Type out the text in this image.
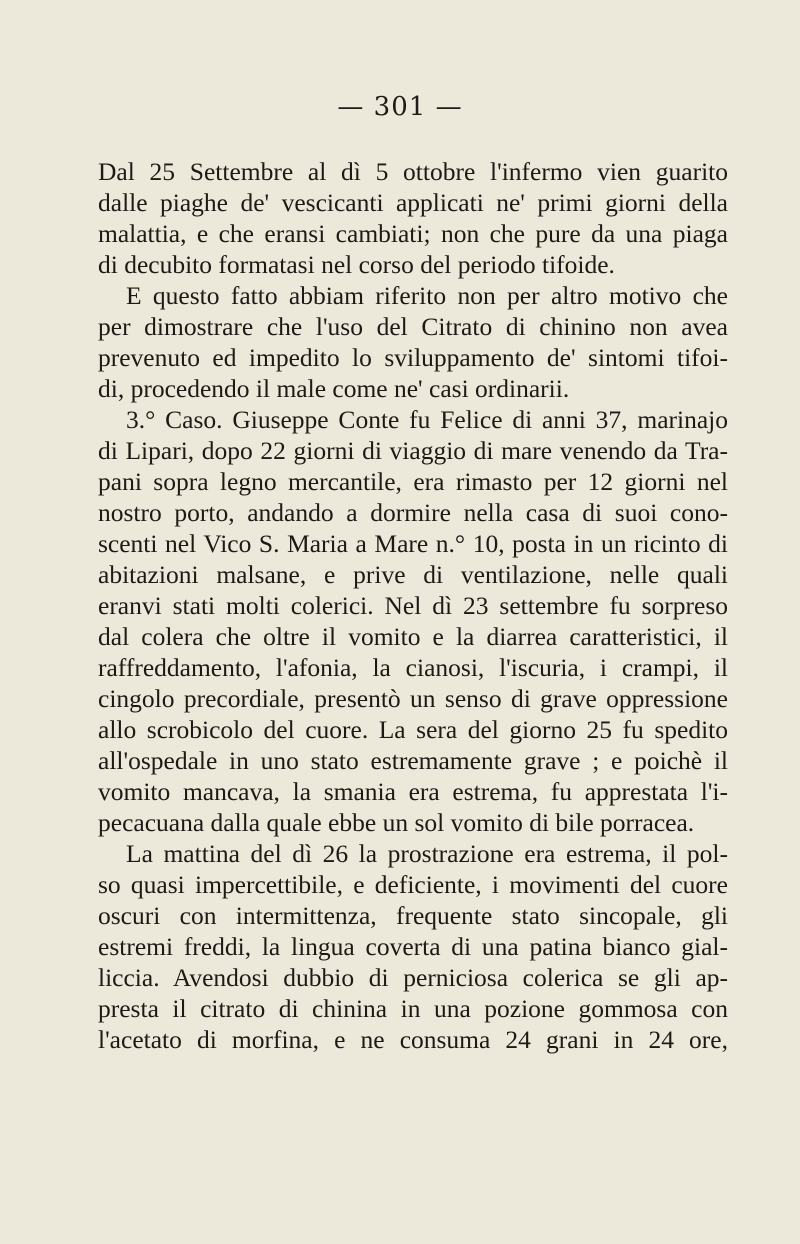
— 301 —
Dal 25 Settembre al dì 5 ottobre l'infermo vien guarito
dalle piaghe de' vescicanti applicati ne' primi giorni della
malattia, e che eransi cambiati; non che pure da una piaga
di decubito formatasi nel corso del periodo tifoide.
E questo fatto abbiam riferito non per altro motivo che
per dimostrare che l'uso del Citrato di chinino non avea
prevenuto ed impedito lo sviluppamento de' sintomi tifoi-
di, procedendo il male come ne' casi ordinarii.
3.° Caso. Giuseppe Conte fu Felice di anni 37, marinajo
di Lipari, dopo 22 giorni di viaggio di mare venendo da Tra-
pani sopra legno mercantile, era rimasto per 12 giorni nel
nostro porto, andando a dormire nella casa di suoi cono-
scenti nel Vico S. Maria a Mare n.° 10, posta in un ricinto di
abitazioni malsane, e prive di ventilazione, nelle quali
eranvi stati molti colerici. Nel dì 23 settembre fu sorpreso
dal colera che oltre il vomito e la diarrea caratteristici, il
raffreddamento, l'afonia, la cianosi, l'iscuria, i crampi, il
cingolo precordiale, presentò un senso di grave oppressione
allo scrobicolo del cuore. La sera del giorno 25 fu spedito
all'ospedale in uno stato estremamente grave ; e poichè il
vomito mancava, la smania era estrema, fu apprestata l'i-
pecacuana dalla quale ebbe un sol vomito di bile porracea.
La mattina del dì 26 la prostrazione era estrema, il pol-
so quasi impercettibile, e deficiente, i movimenti del cuore
oscuri con intermittenza, frequente stato sincopale, gli
estremi freddi, la lingua coverta di una patina bianco gial-
liccia. Avendosi dubbio di perniciosa colerica se gli ap-
presta il citrato di chinina in una pozione gommosa con
l'acetato di morfina, e ne consuma 24 grani in 24 ore,
